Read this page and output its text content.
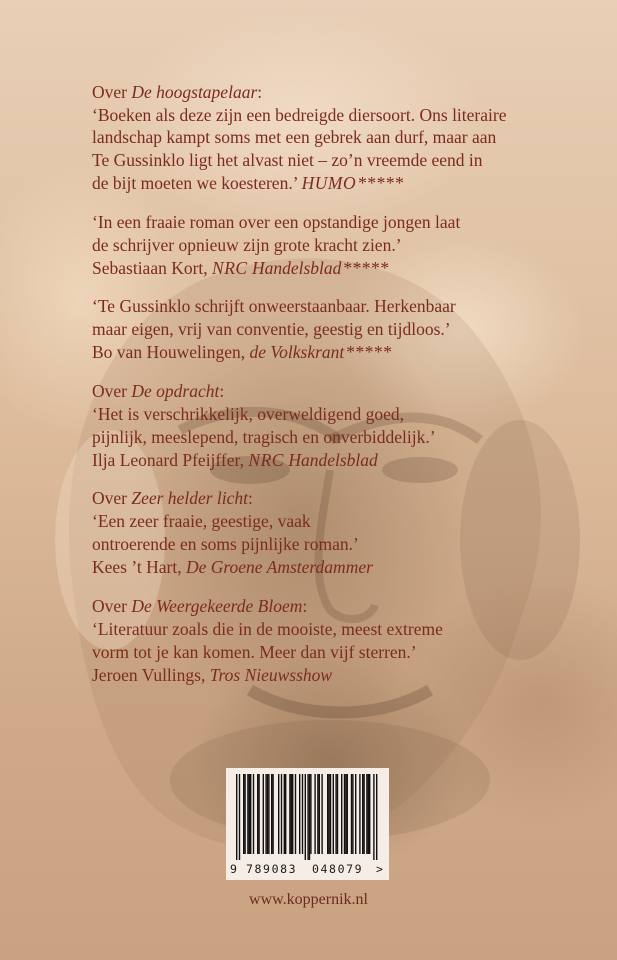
Over De hoogstapelaar:
‘Boeken als deze zijn een bedreigde diersoort. Ons literaire
landschap kampt soms met een gebrek aan durf, maar aan
Te Gussinklo ligt het alvast niet – zo’n vreemde eend in
de bijt moeten we koesteren.’ HUMO *****
‘In een fraaie roman over een opstandige jongen laat
de schrijver opnieuw zijn grote kracht zien.’
Sebastiaan Kort, NRC Handelsblad *****
‘Te Gussinklo schrijft onweerstaanbaar. Herkenbaar
maar eigen, vrij van conventie, geestig en tijdloos.’
Bo van Houwelingen, de Volkskrant *****
Over De opdracht:
‘Het is verschrikkelijk, overweldigend goed,
pijnlijk, meeslepend, tragisch en onverbiddelijk.’
Ilja Leonard Pfeijffer, NRC Handelsblad
Over Zeer helder licht:
‘Een zeer fraaie, geestige, vaak
ontroerende en soms pijnlijke roman.’
Kees ’t Hart, De Groene Amsterdammer
Over De Weergekeerde Bloem:
‘Literatuur zoals die in de mooiste, meest extreme
vorm tot je kan komen. Meer dan vijf sterren.’
Jeroen Vullings, Tros Nieuwsshow
9 789083 048079 >
www.koppernik.nl
